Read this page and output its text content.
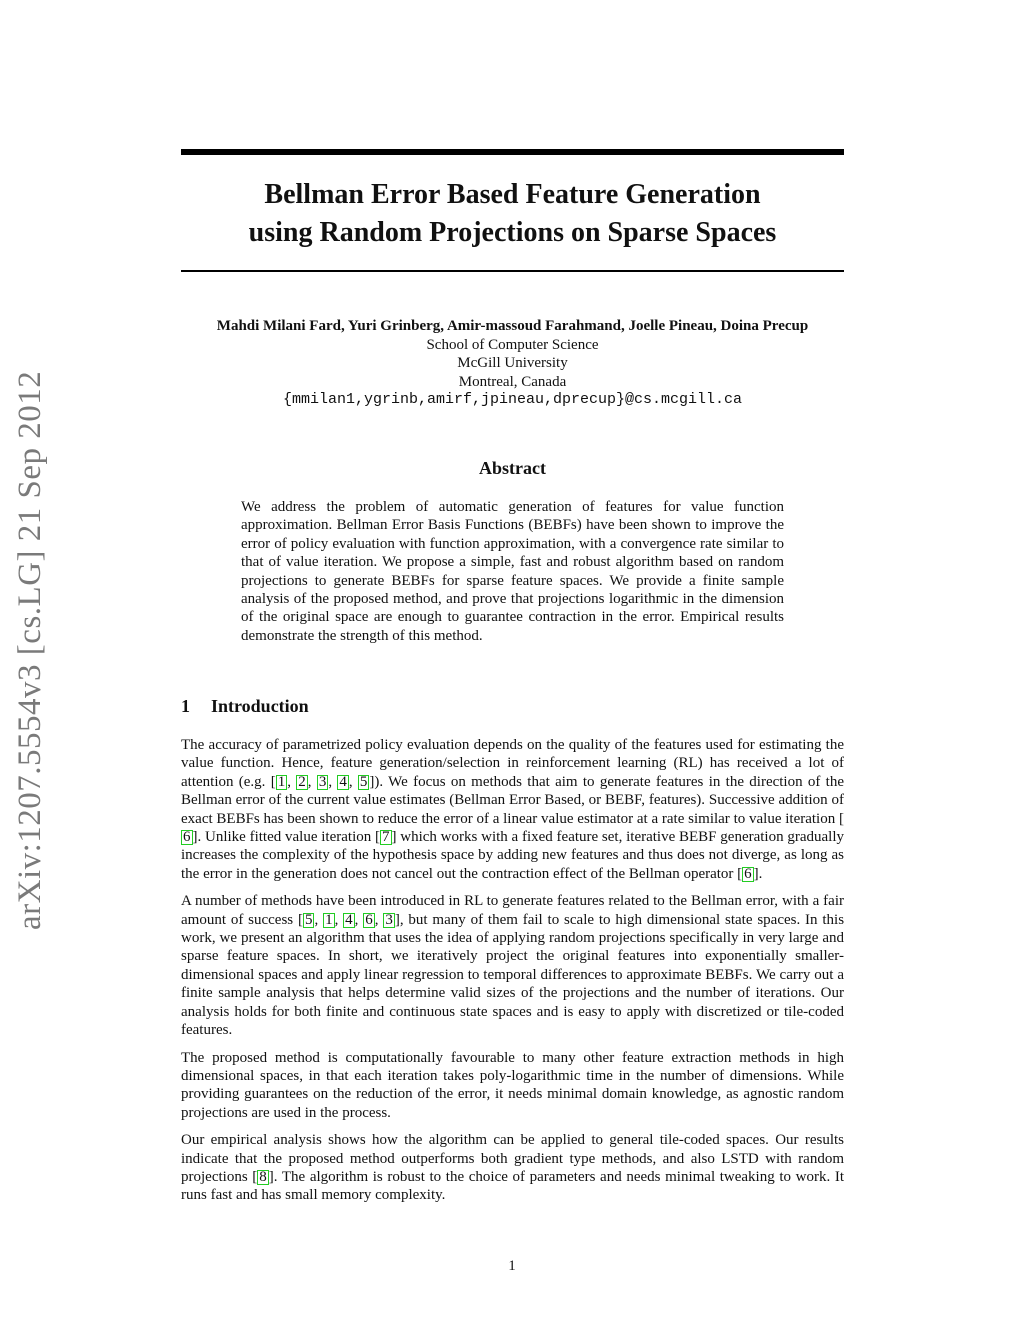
arXiv:1207.5554v3 [cs.LG] 21 Sep 2012
Bellman Error Based Feature Generation
using Random Projections on Sparse Spaces
Mahdi Milani Fard, Yuri Grinberg, Amir-massoud Farahmand, Joelle Pineau, Doina Precup
School of Computer Science
McGill University
Montreal, Canada
{mmilan1,ygrinb,amirf,jpineau,dprecup}@cs.mcgill.ca
Abstract
We address the problem of automatic generation of features for value function approximation. Bellman Error Basis Functions (BEBFs) have been shown to improve the error of policy evaluation with function approximation, with a convergence rate similar to that of value iteration. We propose a simple, fast and robust algorithm based on random projections to generate BEBFs for sparse feature spaces. We provide a finite sample analysis of the proposed method, and prove that projections logarithmic in the dimension of the original space are enough to guarantee contraction in the error. Empirical results demonstrate the strength of this method.
1 Introduction

The accuracy of parametrized policy evaluation depends on the quality of the features used for estimating the value function. Hence, feature generation/selection in reinforcement learning (RL) has received a lot of attention (e.g. [ 1 , 2 , 3 , 4 , 5 ]). We focus on methods that aim to generate features in the direction of the Bellman error of the current value estimates (Bellman Error Based, or BEBF, features). Successive addition of exact BEBFs has been shown to reduce the error of a linear value estimator at a rate similar to value iteration [6 ]. Unlike fitted value iteration [ 7 ] which works with a fixed feature set, iterative BEBF generation gradually increases the complexity of the hypothesis space by adding new features and thus does not diverge, as long as the error in the generation does not cancel out the contraction effect of the Bellman operator [ 6 ].

A number of methods have been introduced in RL to generate features related to the Bellman error, with a fair amount of success [ 5 , 1 , 4 , 6 , 3 ], but many of them fail to scale to high dimensional state spaces. In this work, we present an algorithm that uses the idea of applying random projections specifically in very large and sparse feature spaces. In short, we iteratively project the original features into exponentially smaller-dimensional spaces and apply linear regression to temporal differences to approximate BEBFs. We carry out a finite sample analysis that helps determine valid sizes of the projections and the number of iterations. Our analysis holds for both finite and continuous state spaces and is easy to apply with discretized or tile-coded features.

The proposed method is computationally favourable to many other feature extraction methods in high dimensional spaces, in that each iteration takes poly-logarithmic time in the number of dimensions. While providing guarantees on the reduction of the error, it needs minimal domain knowledge, as agnostic random projections are used in the process.

Our empirical analysis shows how the algorithm can be applied to general tile-coded spaces. Our results indicate that the proposed method outperforms both gradient type methods, and also LSTD with random projections [ 8 ]. The algorithm is robust to the choice of parameters and needs minimal tweaking to work. It runs fast and has small memory complexity.

1
